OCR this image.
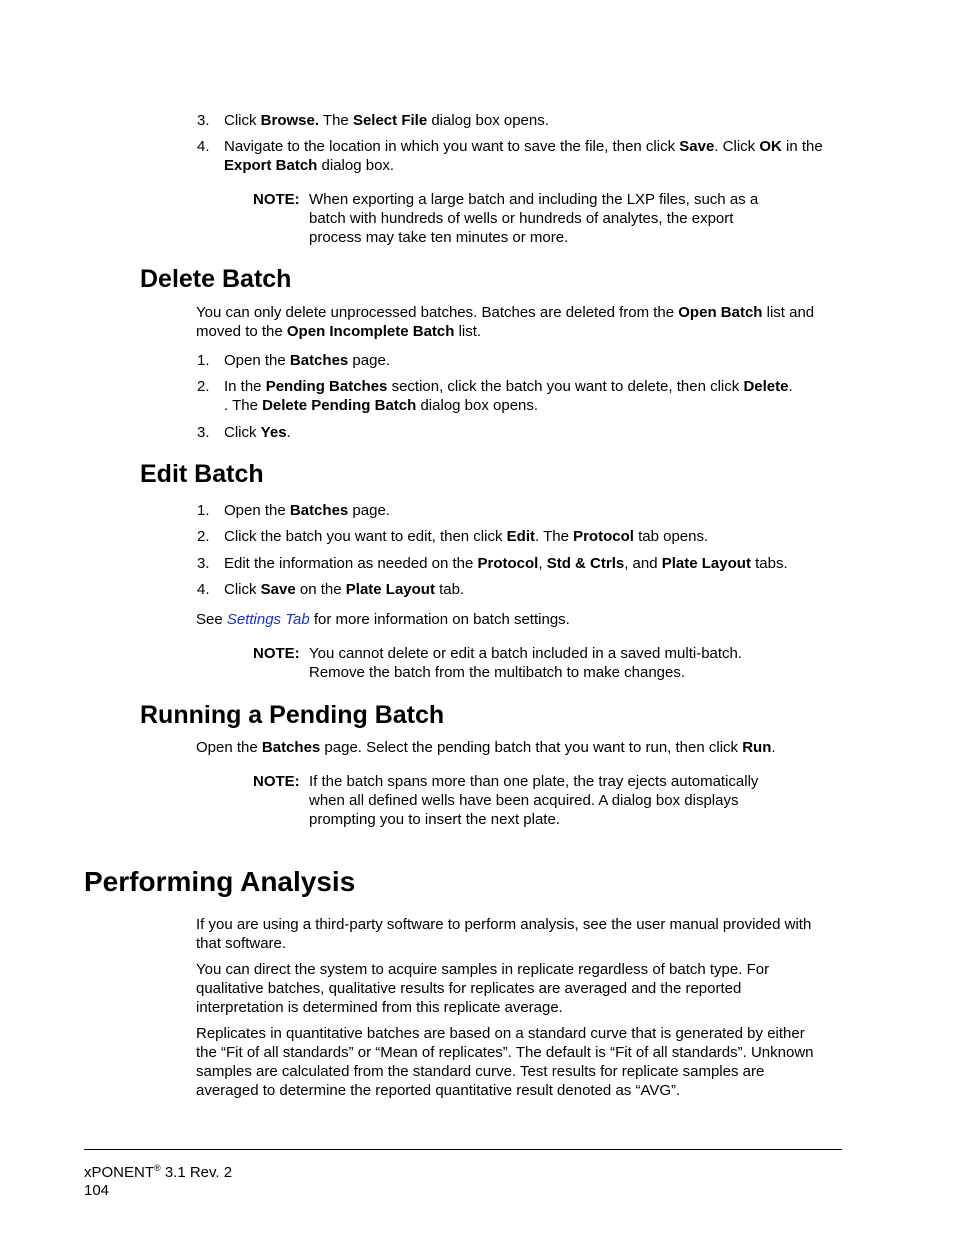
3. Click Browse. The Select File dialog box opens.
4. Navigate to the location in which you want to save the file, then click Save. Click OK in the
Export Batch dialog box.
NOTE: When exporting a large batch and including the LXP files, such as a
batch with hundreds of wells or hundreds of analytes, the export
process may take ten minutes or more.
Delete Batch
You can only delete unprocessed batches. Batches are deleted from the Open Batch list and moved to the Open Incomplete Batch list.
1. Open the Batches page.
2. In the Pending Batches section, click the batch you want to delete, then click Delete.
. The Delete Pending Batch dialog box opens.
3. Click Yes.
Edit Batch
1. Open the Batches page.
2. Click the batch you want to edit, then click Edit. The Protocol tab opens.
3. Edit the information as needed on the Protocol, Std & Ctrls, and Plate Layout tabs.
4. Click Save on the Plate Layout tab.
See Settings Tab for more information on batch settings.
NOTE: You cannot delete or edit a batch included in a saved multi-batch.
Remove the batch from the multibatch to make changes.
Running a Pending Batch
Open the Batches page. Select the pending batch that you want to run, then click Run.
NOTE: If the batch spans more than one plate, the tray ejects automatically
when all defined wells have been acquired. A dialog box displays
prompting you to insert the next plate.
Performing Analysis
If you are using a third-party software to perform analysis, see the user manual provided with
that software.
You can direct the system to acquire samples in replicate regardless of batch type. For
qualitative batches, qualitative results for replicates are averaged and the reported
interpretation is determined from this replicate average.
Replicates in quantitative batches are based on a standard curve that is generated by either
the “Fit of all standards” or “Mean of replicates”. The default is “Fit of all standards”. Unknown
samples are calculated from the standard curve. Test results for replicate samples are
averaged to determine the reported quantitative result denoted as “AVG”.
xPONENT® 3.1 Rev. 2
104
